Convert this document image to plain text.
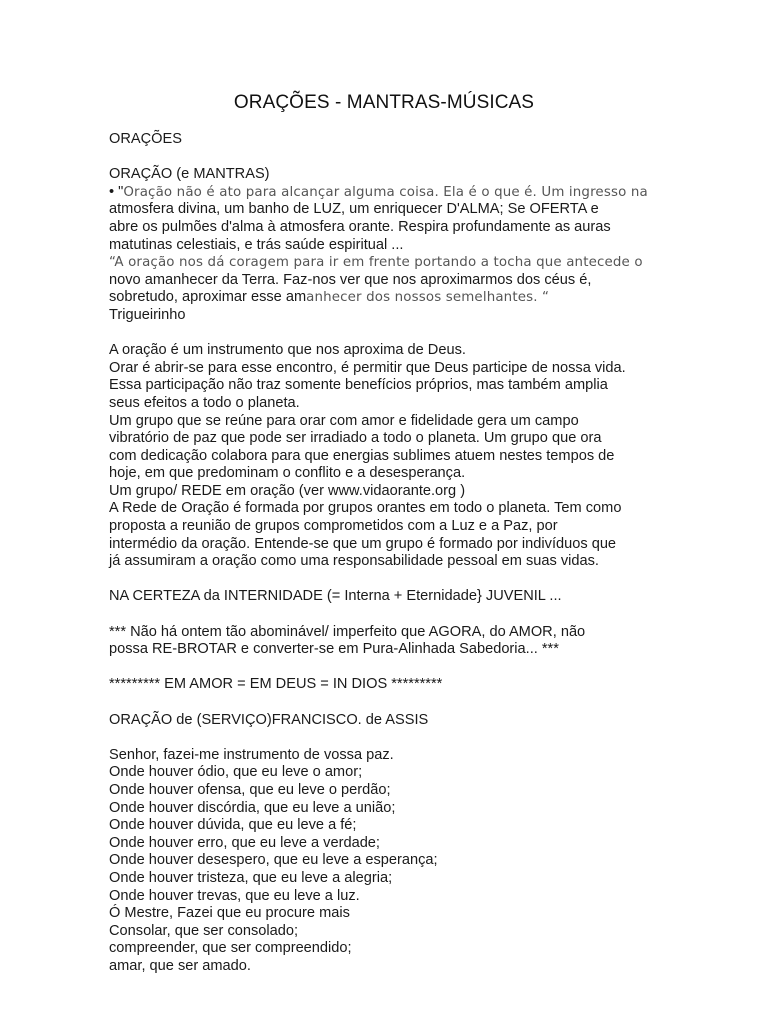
ORAÇÕES - MANTRAS-MÚSICAS
ORAÇÕES
ORAÇÃO (e MANTRAS)
• "Oração não é ato para alcançar alguma coisa. Ela é o que é. Um ingresso na
atmosfera divina, um banho de LUZ, um enriquecer D'ALMA; Se OFERTA e
abre os pulmões d'alma à atmosfera orante. Respira profundamente as auras
matutinas celestiais, e trás saúde espiritual ...
“A oração nos dá coragem para ir em frente portando a tocha que antecede o
novo amanhecer da Terra. Faz-nos ver que nos aproximarmos dos céus é,
sobretudo, aproximar esse amanhecer dos nossos semelhantes. “
Trigueirinho
A oração é um instrumento que nos aproxima de Deus.
Orar é abrir-se para esse encontro, é permitir que Deus participe de nossa vida.
Essa participação não traz somente benefícios próprios, mas também amplia
seus efeitos a todo o planeta.
Um grupo que se reúne para orar com amor e fidelidade gera um campo
vibratório de paz que pode ser irradiado a todo o planeta. Um grupo que ora
com dedicação colabora para que energias sublimes atuem nestes tempos de
hoje, em que predominam o conflito e a desesperança.
Um grupo/ REDE em oração (ver www.vidaorante.org )
A Rede de Oração é formada por grupos orantes em todo o planeta. Tem como
proposta a reunião de grupos comprometidos com a Luz e a Paz, por
intermédio da oração. Entende-se que um grupo é formado por indivíduos que
já assumiram a oração como uma responsabilidade pessoal em suas vidas.
NA CERTEZA da INTERNIDADE (= Interna + Eternidade} JUVENIL ...
*** Não há ontem tão abominável/ imperfeito que AGORA, do AMOR, não
possa RE-BROTAR e converter-se em Pura-Alinhada Sabedoria... ***
********* EM AMOR = EM DEUS = IN DIOS *********
ORAÇÃO de (SERVIÇO)FRANCISCO. de ASSIS
Senhor, fazei-me instrumento de vossa paz.
Onde houver ódio, que eu leve o amor;
Onde houver ofensa, que eu leve o perdão;
Onde houver discórdia, que eu leve a união;
Onde houver dúvida, que eu leve a fé;
Onde houver erro, que eu leve a verdade;
Onde houver desespero, que eu leve a esperança;
Onde houver tristeza, que eu leve a alegria;
Onde houver trevas, que eu leve a luz.
Ó Mestre, Fazei que eu procure mais
Consolar, que ser consolado;
compreender, que ser compreendido;
amar, que ser amado.
